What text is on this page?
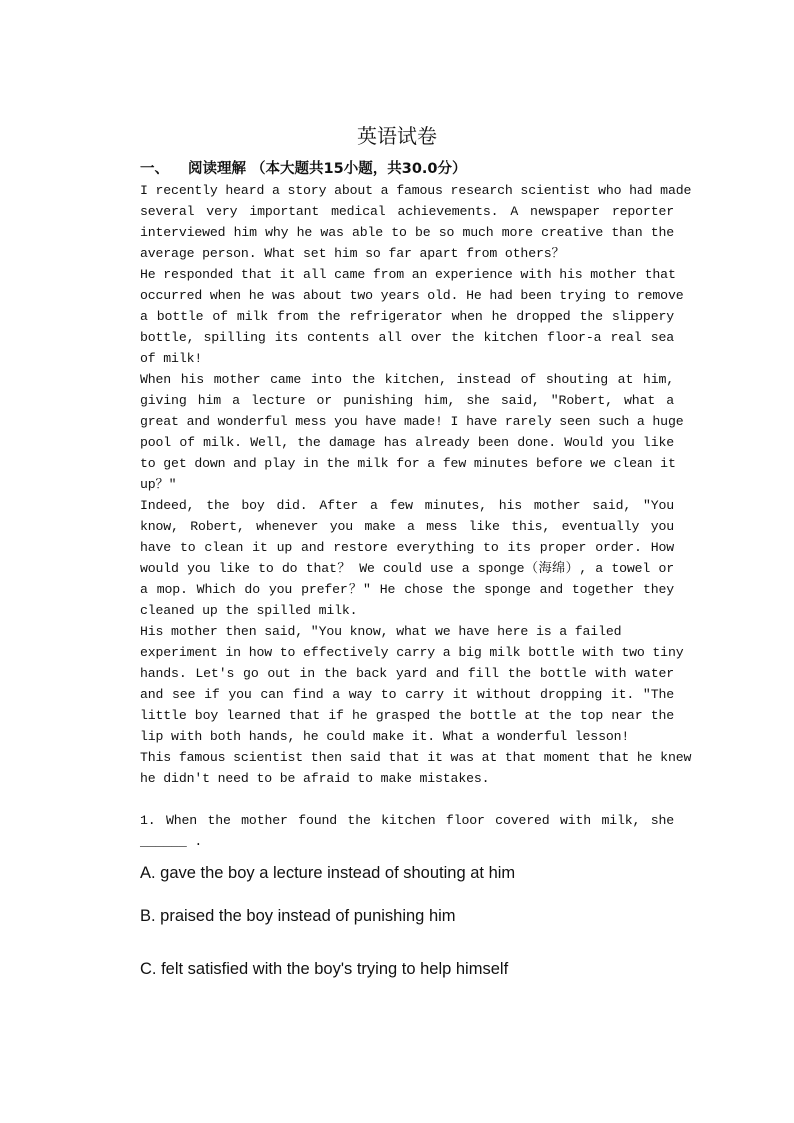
英语试卷
一、 阅读理解 （本大题共15小题，共30.0分）
I recently heard a story about a famous research scientist who had made
several very important medical achievements. A newspaper reporter
interviewed him why he was able to be so much more creative than the
average person. What set him so far apart from others？
He responded that it all came from an experience with his mother that
occurred when he was about two years old. He had been trying to remove
a bottle of milk from the refrigerator when he dropped the slippery
bottle, spilling its contents all over the kitchen floor-a real sea
of milk!
When his mother came into the kitchen, instead of shouting at him,
giving him a lecture or punishing him, she said, "Robert, what a
great and wonderful mess you have made! I have rarely seen such a huge
pool of milk. Well, the damage has already been done. Would you like
to get down and play in the milk for a few minutes before we clean it
up？"
Indeed, the boy did. After a few minutes, his mother said, "You
know, Robert, whenever you make a mess like this, eventually you
have to clean it up and restore everything to its proper order. How
would you like to do that？ We could use a sponge（海绵）, a towel or
a mop. Which do you prefer？" He chose the sponge and together they
cleaned up the spilled milk.
His mother then said, "You know, what we have here is a failed
experiment in how to effectively carry a big milk bottle with two tiny
hands. Let's go out in the back yard and fill the bottle with water
and see if you can find a way to carry it without dropping it. "The
little boy learned that if he grasped the bottle at the top near the
lip with both hands, he could make it. What a wonderful lesson!
This famous scientist then said that it was at that moment that he knew
he didn't need to be afraid to make mistakes.
1. When the mother found the kitchen floor covered with milk, she
______ .
A. gave the boy a lecture instead of shouting at him
B. praised the boy instead of punishing him
C. felt satisfied with the boy's trying to help himself
